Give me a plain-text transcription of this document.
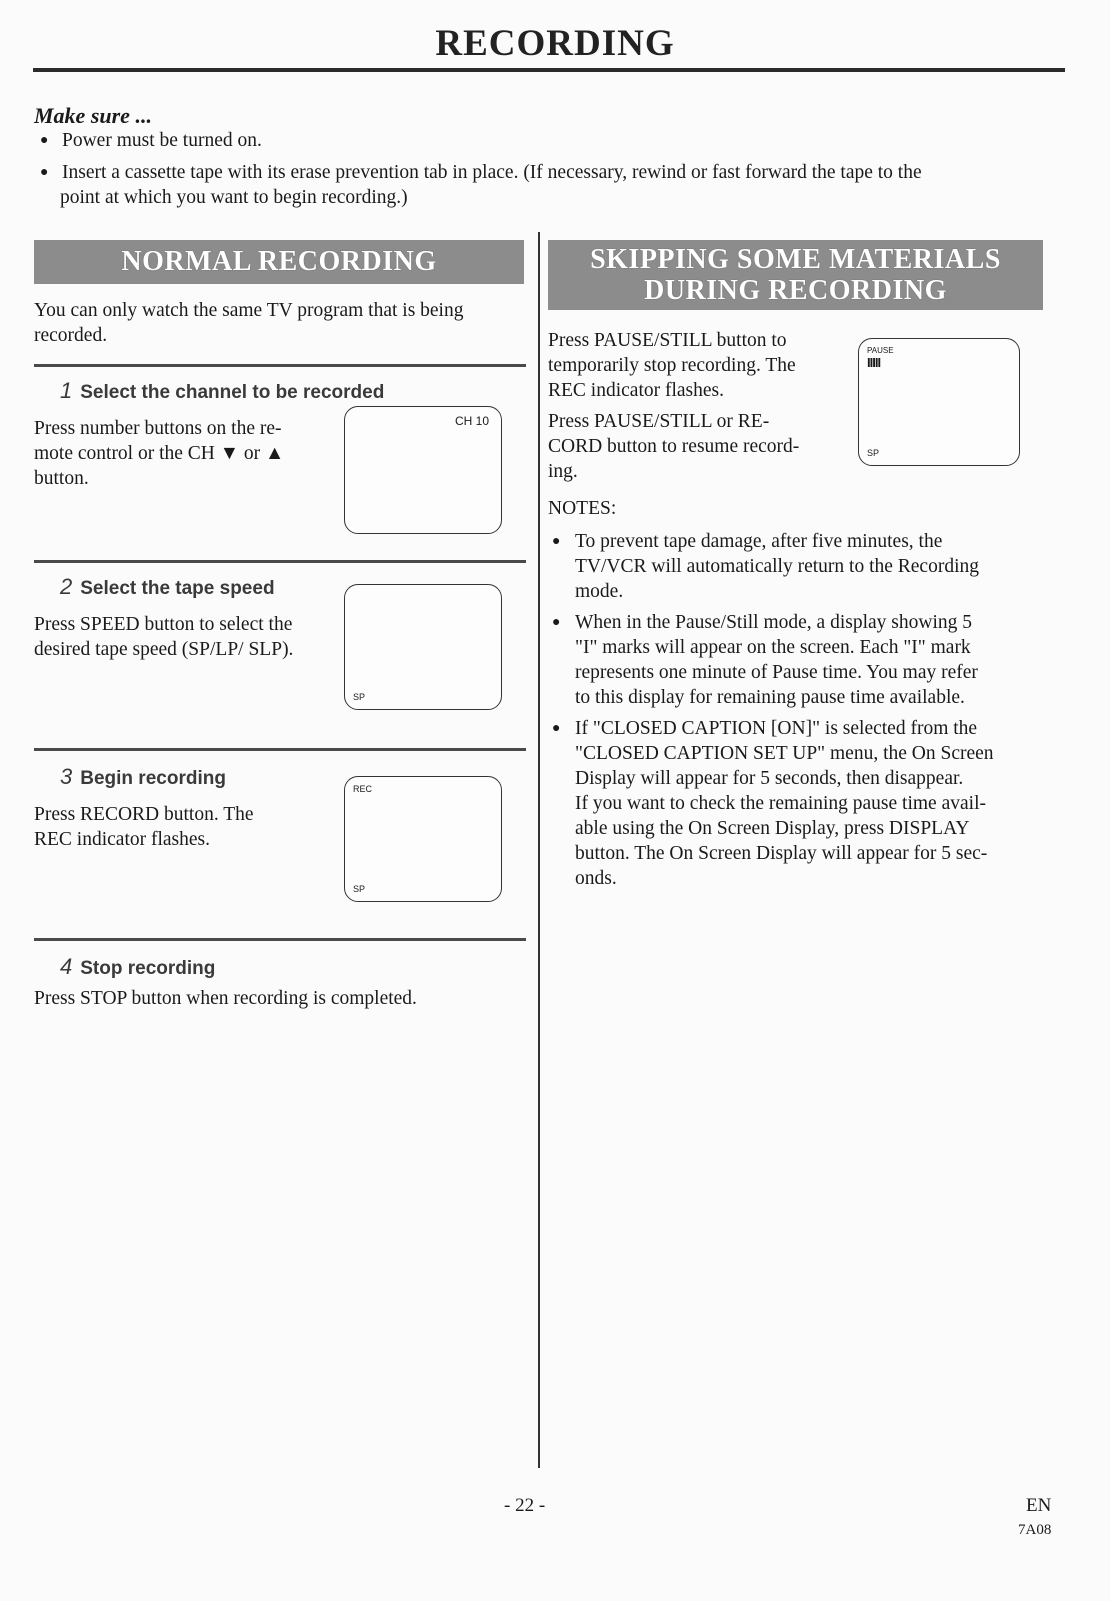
RECORDING
Make sure ...
● Power must be turned on.
● Insert a cassette tape with its erase prevention tab in place. (If necessary, rewind or fast forward the tape to the
point at which you want to begin recording.)
NORMAL RECORDING
You can only watch the same TV program that is being
recorded.
1 Select the channel to be recorded
Press number buttons on the re-
mote control or the CH ▼ or ▲
button.
CH 10
2 Select the tape speed
Press SPEED button to select the
desired tape speed (SP/LP/ SLP).
SP
3 Begin recording
Press RECORD button. The
REC indicator flashes.
REC
SP
4 Stop recording
Press STOP button when recording is completed.
SKIPPING SOME MATERIALS
DURING RECORDING
Press PAUSE/STILL button to
temporarily stop recording. The
REC indicator flashes.
Press PAUSE/STILL or RE-
CORD button to resume record-
ing.
PAUSE
IIIII
SP
NOTES:
● To prevent tape damage, after five minutes, the
TV/VCR will automatically return to the Recording
mode.
● When in the Pause/Still mode, a display showing 5
"I" marks will appear on the screen. Each "I" mark
represents one minute of Pause time. You may refer
to this display for remaining pause time available.
● If "CLOSED CAPTION [ON]" is selected from the
"CLOSED CAPTION SET UP" menu, the On Screen
Display will appear for 5 seconds, then disappear.
If you want to check the remaining pause time avail-
able using the On Screen Display, press DISPLAY
button. The On Screen Display will appear for 5 sec-
onds.
- 22 -	EN
7A08
